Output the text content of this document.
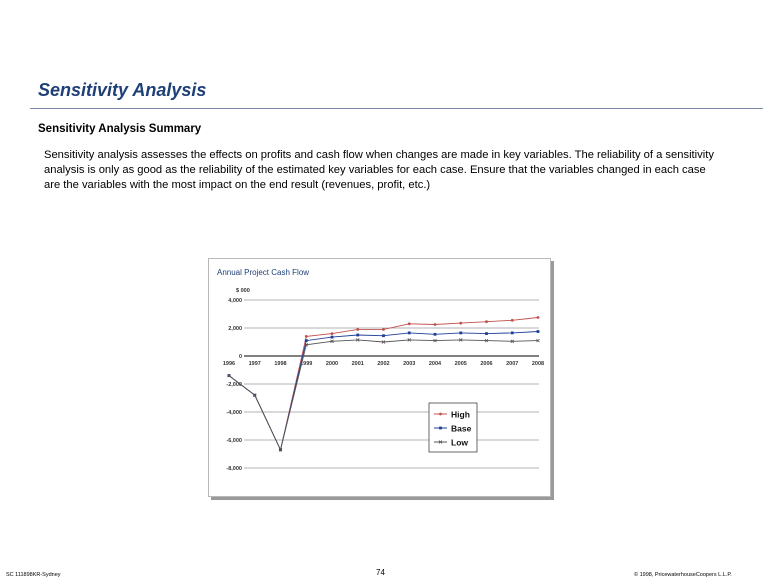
Sensitivity Analysis
Sensitivity Analysis Summary
Sensitivity analysis assesses the effects on profits and cash flow when changes are made in key variables. The reliability of a sensitivity analysis is only as good as the reliability of the estimated key variables for each case. Ensure that the variables changed in each case are the variables with the most impact on the end result (revenues, profit, etc.)
Annual Project Cash Flow
$ 000
4,000
2,000
0
-2,000
-4,000
-6,000
-8,000
1996 1997 1998 1999 2000 2001 2002 2003 2004 2005 2006 2007 2008
High
Base
Low
SC 111898KR-Sydney	74	© 1998, PricewaterhouseCoopers L.L.P.
